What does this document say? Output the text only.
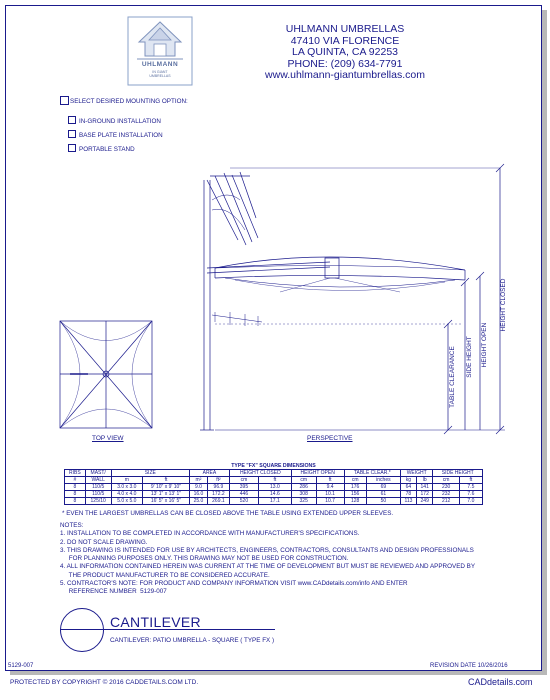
UHLMANN
IN GIANT
UMBRELLAS
UHLMANN UMBRELLAS
47410 VIA FLORENCE
LA QUINTA, CA 92253
PHONE: (209) 634-7791
www.uhlmann-giantumbrellas.com
SELECT DESIRED MOUNTING OPTION:
IN-GROUND INSTALLATION
BASE PLATE INSTALLATION
PORTABLE STAND
HEIGHT CLOSED
HEIGHT OPEN
SIDE HEIGHT
TABLE CLEARANCE
TOP VIEW	PERSPECTIVE
TYPE "FX" SQUARE DIMENSIONS															
RIBS	MAST/	SIZE		AREA		HEIGHT CLOSED		HEIGHT OPEN		TABLE CLEAR.*		WEIGHT		SIDE HEIGHT	
#	WALL	m	ft	m²	ft²	cm	ft	cm	ft	cm	inches	kg	lb	cm	ft
8	110/5	3.0 x 3.0	9' 10" x 9' 10"	9.0	96.9	395	13.0	286	9.4	176	69	64	141	230	7.5
8	110/5	4.0 x 4.0	13' 1" x 13' 1"	16.0	172.2	446	14.6	308	10.1	156	61	78	172	232	7.6
8	125/10	5.0 x 5.0	16' 5" x 16' 5"	25.0	269.1	520	17.1	325	10.7	128	50	113	249	212	7.0
* EVEN THE LARGEST UMBRELLAS CAN BE CLOSED ABOVE THE TABLE USING EXTENDED UPPER SLEEVES.
NOTES:
1. INSTALLATION TO BE COMPLETED IN ACCORDANCE WITH MANUFACTURER'S SPECIFICATIONS.
2. DO NOT SCALE DRAWING.
3. THIS DRAWING IS INTENDED FOR USE BY ARCHITECTS, ENGINEERS, CONTRACTORS, CONSULTANTS AND DESIGN PROFESSIONALS
FOR PLANNING PURPOSES ONLY. THIS DRAWING MAY NOT BE USED FOR CONSTRUCTION.
4. ALL INFORMATION CONTAINED HEREIN WAS CURRENT AT THE TIME OF DEVELOPMENT BUT MUST BE REVIEWED AND APPROVED BY
THE PRODUCT MANUFACTURER TO BE CONSIDERED ACCURATE.
5. CONTRACTOR'S NOTE: FOR PRODUCT AND COMPANY INFORMATION VISIT www.CADdetails.com/info AND ENTER
REFERENCE NUMBER  5129-007
CANTILEVER
CANTILEVER: PATIO UMBRELLA - SQUARE ( TYPE FX )
5129-007	REVISION DATE 10/26/2016
PROTECTED BY COPYRIGHT © 2016 CADDETAILS.COM LTD.	CADdetails.com
